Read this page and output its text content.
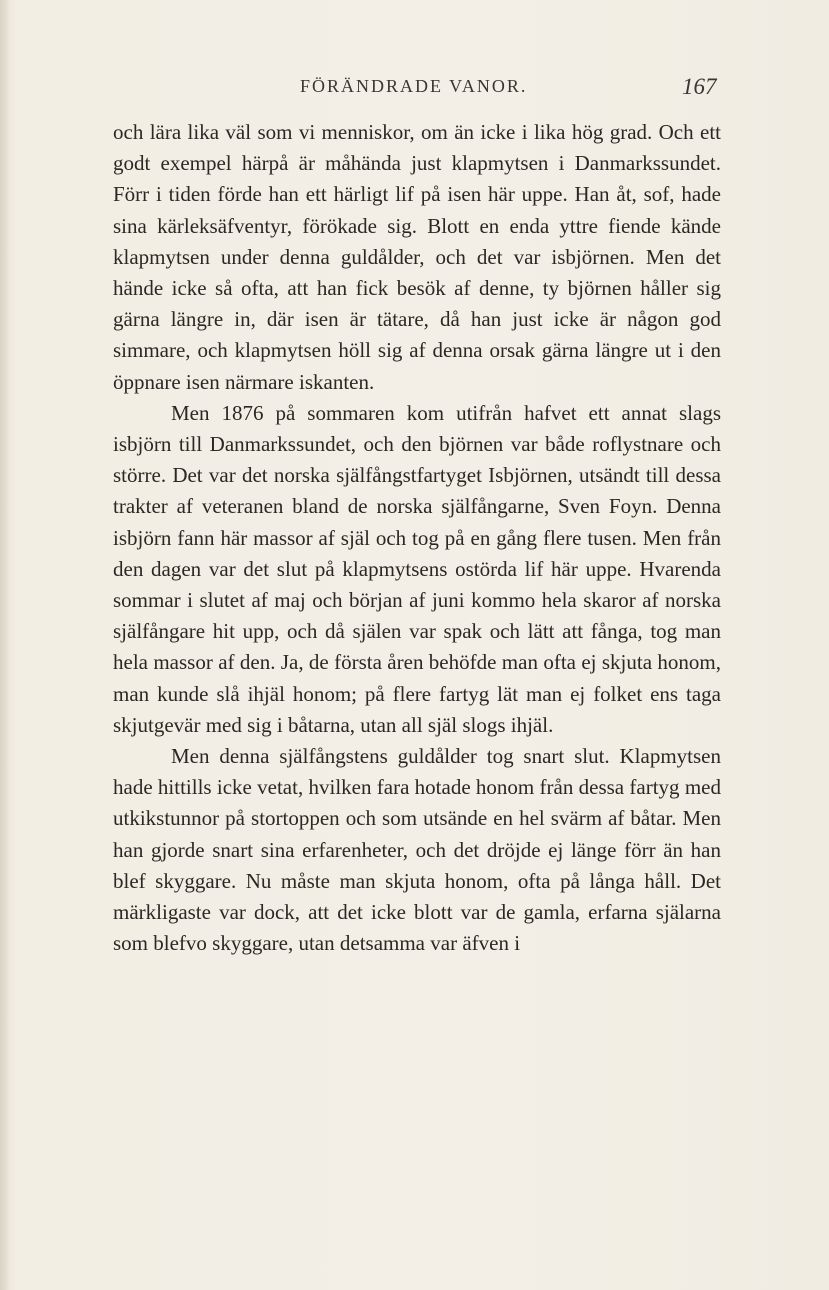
FÖRÄNDRADE VANOR.	167

och lära lika väl som vi menniskor, om än icke i lika hög grad. Och ett godt exempel härpå är måhända just klapmytsen i Danmarkssundet. Förr i tiden förde han ett härligt lif på isen här uppe. Han åt, sof, hade sina kärleksäfventyr, förökade sig. Blott en enda yttre fiende kände klapmytsen under denna guldålder, och det var isbjörnen. Men det hände icke så ofta, att han fick besök af denne, ty björnen håller sig gärna längre in, där isen är tätare, då han just icke är någon god simmare, och klapmytsen höll sig af denna orsak gärna längre ut i den öppnare isen närmare iskanten.

Men 1876 på sommaren kom utifrån hafvet ett annat slags isbjörn till Danmarkssundet, och den björnen var både roflystnare och större. Det var det norska själfångstfartyget Isbjörnen, utsändt till dessa trakter af veteranen bland de norska själfångarne, Sven Foyn. Denna isbjörn fann här massor af själ och tog på en gång flere tusen. Men från den dagen var det slut på klapmytsens ostörda lif här uppe. Hvarenda sommar i slutet af maj och början af juni kommo hela skaror af norska själfångare hit upp, och då själen var spak och lätt att fånga, tog man hela massor af den. Ja, de första åren behöfde man ofta ej skjuta honom, man kunde slå ihjäl honom; på flere fartyg lät man ej folket ens taga skjutgevär med sig i båtarna, utan all själ slogs ihjäl.

Men denna själfångstens guldålder tog snart slut. Klapmytsen hade hittills icke vetat, hvilken fara hotade honom från dessa fartyg med utkikstunnor på stortoppen och som utsände en hel svärm af båtar. Men han gjorde snart sina erfarenheter, och det dröjde ej länge förr än han blef skyggare. Nu måste man skjuta honom, ofta på långa håll. Det märkligaste var dock, att det icke blott var de gamla, erfarna själarna som blefvo skyggare, utan detsamma var äfven i
